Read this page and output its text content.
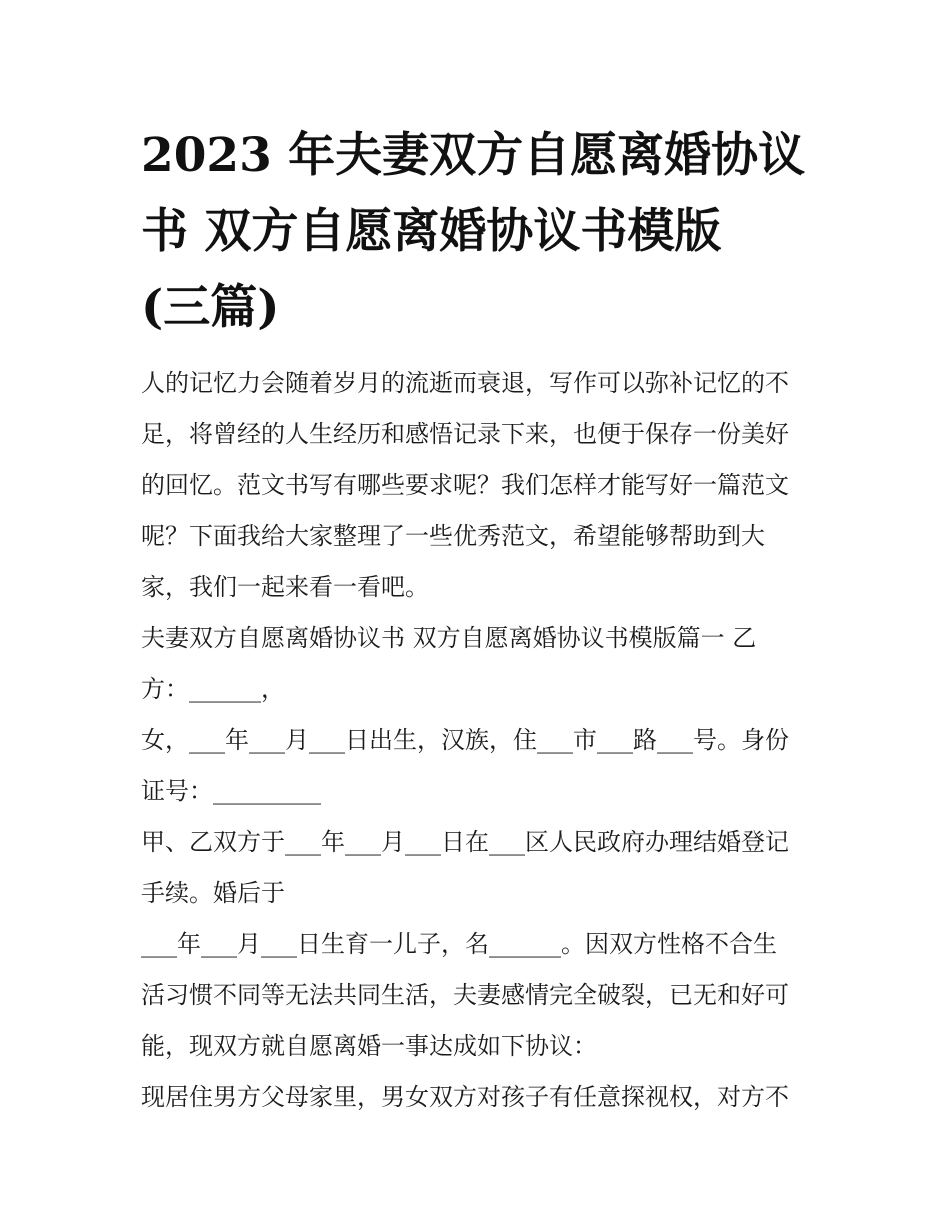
2023 年夫妻双方自愿离婚协议
书 双方自愿离婚协议书模版
(三篇)

人的记忆力会随着岁月的流逝而衰退，写作可以弥补记忆的不
足，将曾经的人生经历和感悟记录下来，也便于保存一份美好
的回忆。范文书写有哪些要求呢？我们怎样才能写好一篇范文
呢？下面我给大家整理了一些优秀范文，希望能够帮助到大
家，我们一起来看一看吧。

夫妻双方自愿离婚协议书 双方自愿离婚协议书模版篇一 乙
方：______，

女，___年___月___日出生，汉族，住___市___路___号。身份
证号：_________

甲、乙双方于___年___月___日在___区人民政府办理结婚登记
手续。婚后于

___年___月___日生育一儿子，名______。因双方性格不合生
活习惯不同等无法共同生活，夫妻感情完全破裂，已无和好可
能，现双方就自愿离婚一事达成如下协议：

现居住男方父母家里，男女双方对孩子有任意探视权，对方不
